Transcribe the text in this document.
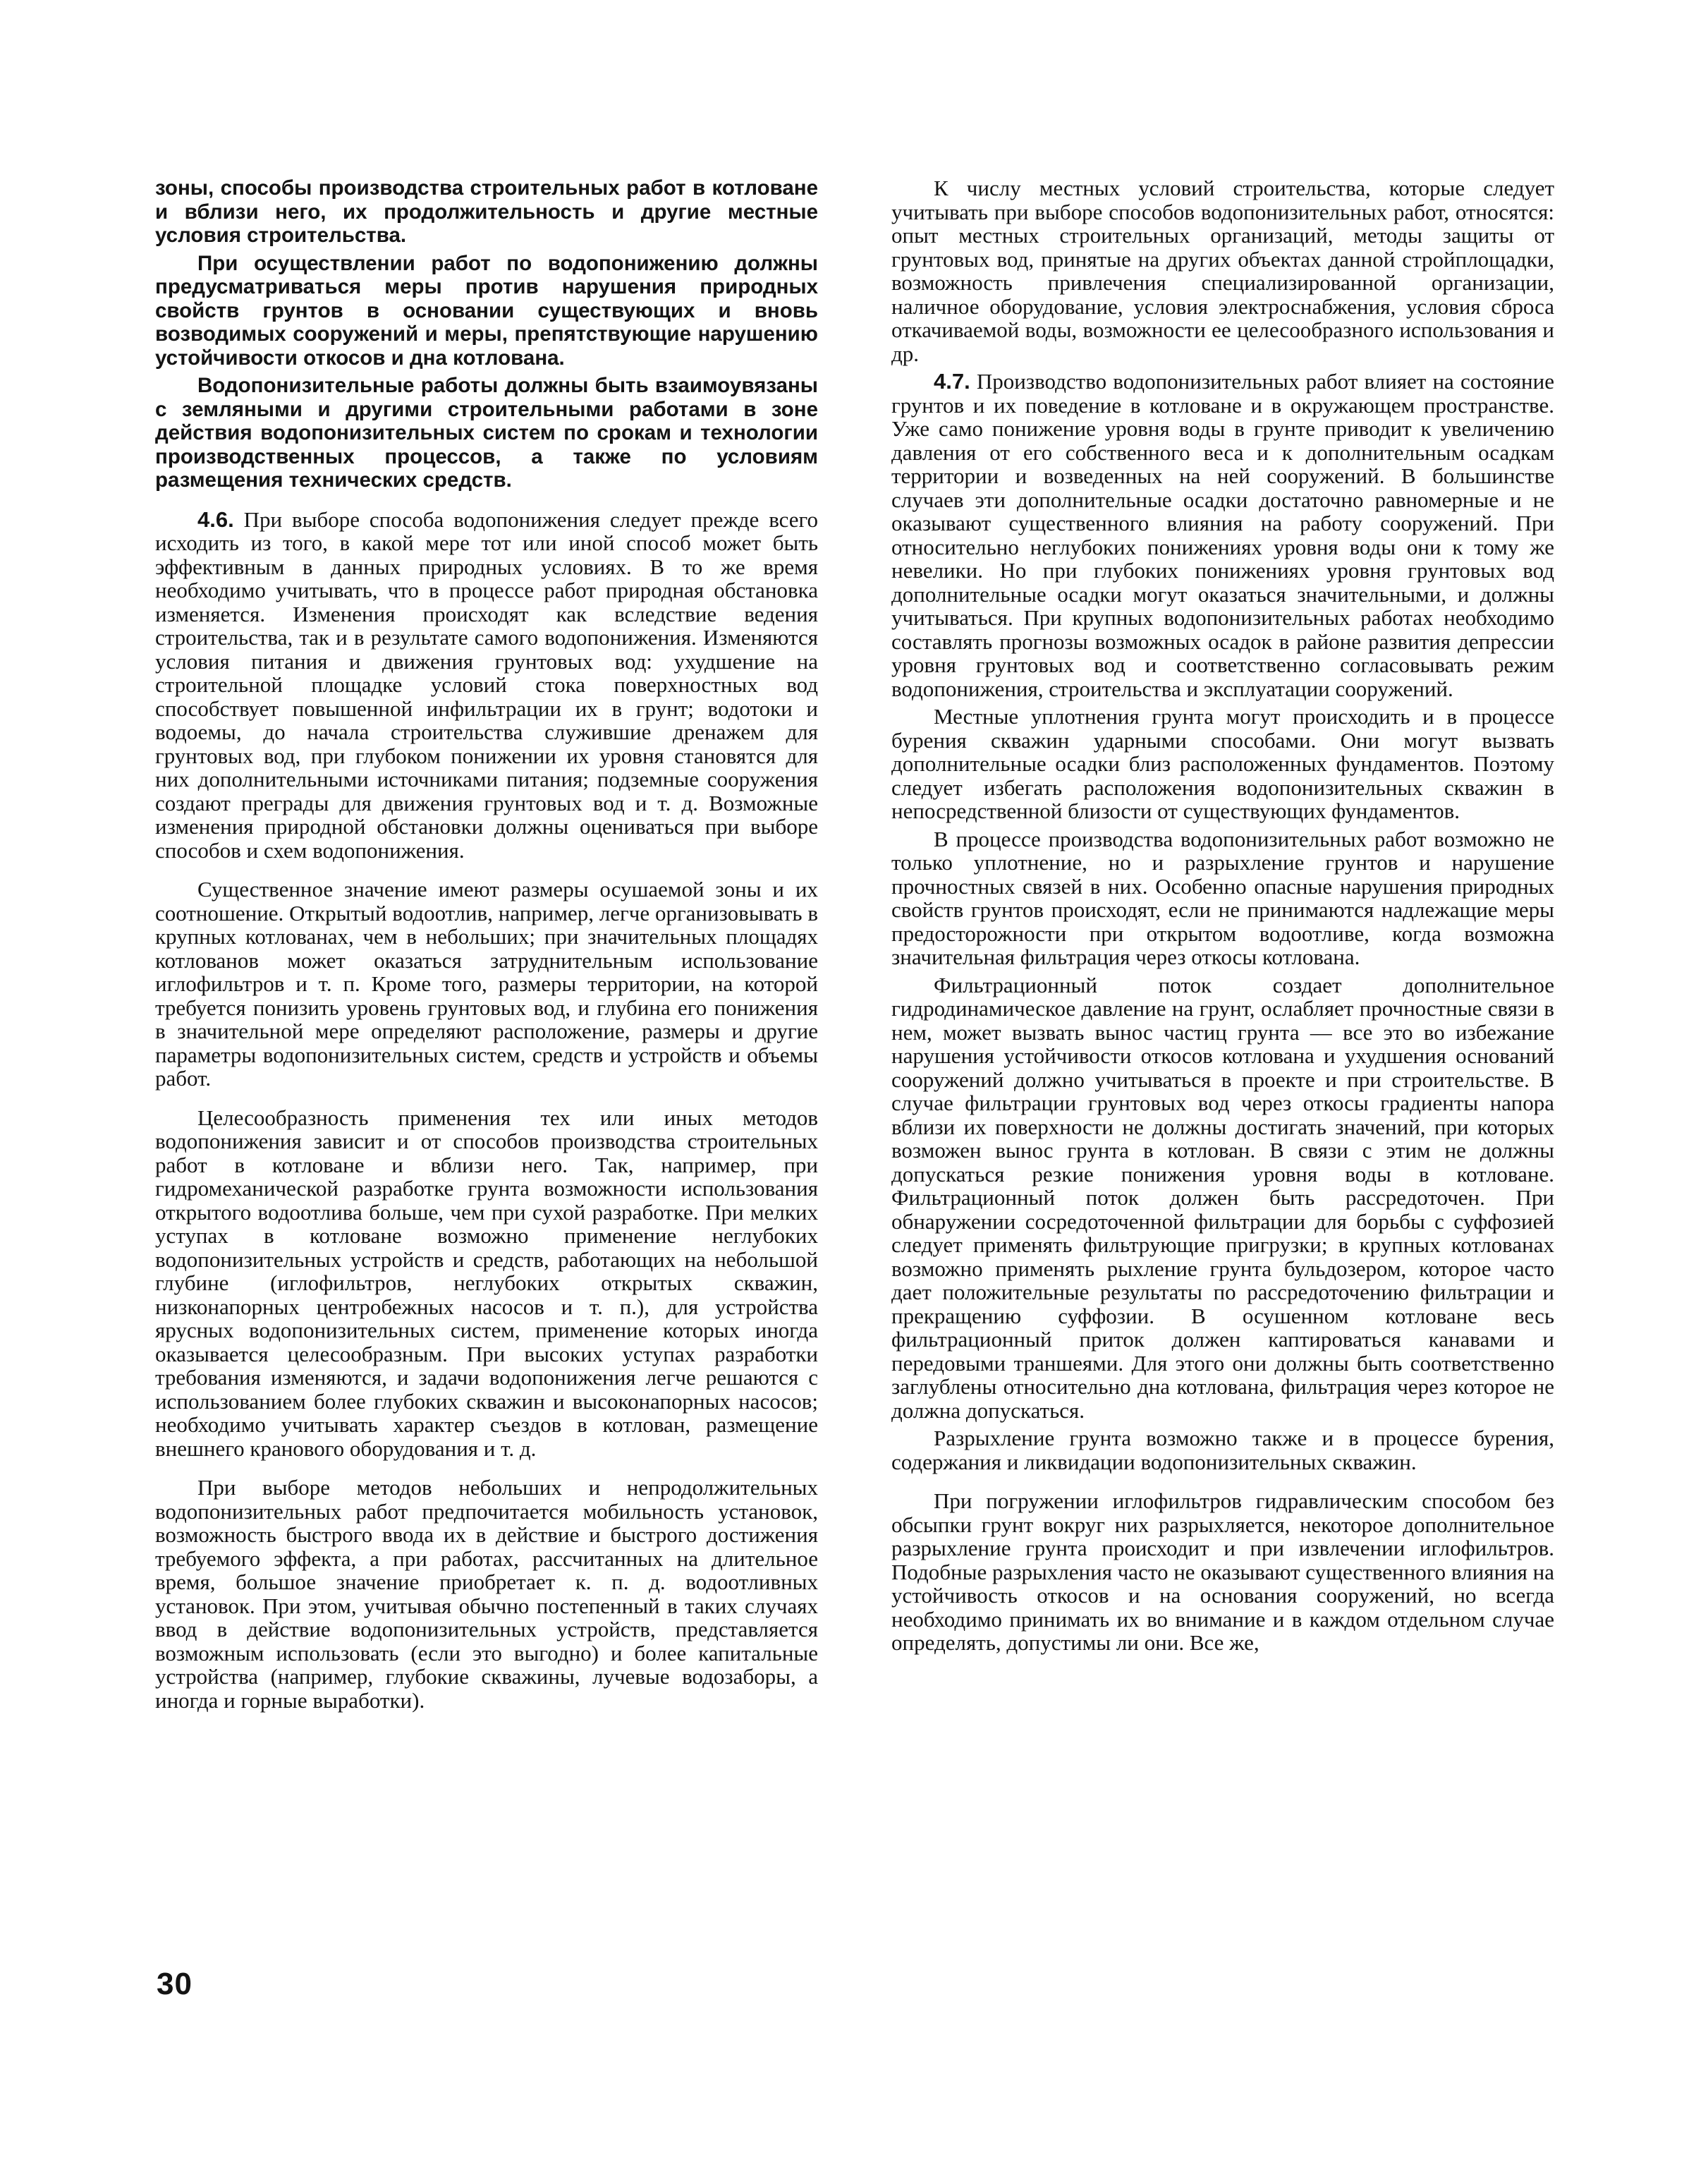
зоны, способы производства строительных работ в котловане и вблизи него, их продолжительность и другие местные условия строительства.

При осуществлении работ по водопонижению должны предусматриваться меры против нарушения природных свойств грунтов в основании существующих и вновь возводимых сооружений и меры, препятствующие нарушению устойчивости откосов и дна котлована.

Водопонизительные работы должны быть взаимоувязаны с земляными и другими строительными работами в зоне действия водопонизительных систем по срокам и технологии производственных процессов, а также по условиям размещения технических средств.

4.6. При выборе способа водопонижения следует прежде всего исходить из того, в какой мере тот или иной способ может быть эффективным в данных природных условиях. В то же время необходимо учитывать, что в процессе работ природная обстановка изменяется. Изменения происходят как вследствие ведения строительства, так и в результате самого водопонижения. Изменяются условия питания и движения грунтовых вод: ухудшение на строительной площадке условий стока поверхностных вод способствует повышенной инфильтрации их в грунт; водотоки и водоемы, до начала строительства служившие дренажем для грунтовых вод, при глубоком понижении их уровня становятся для них дополнительными источниками питания; подземные сооружения создают преграды для движения грунтовых вод и т. д. Возможные изменения природной обстановки должны оцениваться при выборе способов и схем водопонижения.

Существенное значение имеют размеры осушаемой зоны и их соотношение. Открытый водоотлив, например, легче организовывать в крупных котлованах, чем в небольших; при значительных площадях котлованов может оказаться затруднительным использование иглофильтров и т. п. Кроме того, размеры территории, на которой требуется понизить уровень грунтовых вод, и глубина его понижения в значительной мере определяют расположение, размеры и другие параметры водопонизительных систем, средств и устройств и объемы работ.

Целесообразность применения тех или иных методов водопонижения зависит и от способов производства строительных работ в котловане и вблизи него. Так, например, при гидромеханической разработке грунта возможности использования открытого водоотлива больше, чем при сухой разработке. При мелких уступах в котловане возможно применение неглубоких водопонизительных устройств и средств, работающих на небольшой глубине (иглофильтров, неглубоких открытых скважин, низконапорных центробежных насосов и т. п.), для устройства ярусных водопонизительных систем, применение которых иногда оказывается целесообразным. При высоких уступах разработки требования изменяются, и задачи водопонижения легче решаются с использованием более глубоких скважин и высоконапорных насосов; необходимо учитывать характер съездов в котлован, размещение внешнего кранового оборудования и т. д.

При выборе методов небольших и непродолжительных водопонизительных работ предпочитается мобильность установок, возможность быстрого ввода их в действие и быстрого достижения требуемого эффекта, а при работах, рассчитанных на длительное время, большое значение приобретает к. п. д. водоотливных установок. При этом, учитывая обычно постепенный в таких случаях ввод в действие водопонизительных устройств, представляется возможным использовать (если это выгодно) и более капитальные устройства (например, глубокие скважины, лучевые водозаборы, а иногда и горные выработки).

К числу местных условий строительства, которые следует учитывать при выборе способов водопонизительных работ, относятся: опыт местных строительных организаций, методы защиты от грунтовых вод, принятые на других объектах данной стройплощадки, возможность привлечения специализированной организации, наличное оборудование, условия электроснабжения, условия сброса откачиваемой воды, возможности ее целесообразного использования и др.

4.7. Производство водопонизительных работ влияет на состояние грунтов и их поведение в котловане и в окружающем пространстве. Уже само понижение уровня воды в грунте приводит к увеличению давления от его собственного веса и к дополнительным осадкам территории и возведенных на ней сооружений. В большинстве случаев эти дополнительные осадки достаточно равномерные и не оказывают существенного влияния на работу сооружений. При относительно неглубоких понижениях уровня воды они к тому же невелики. Но при глубоких понижениях уровня грунтовых вод дополнительные осадки могут оказаться значительными, и должны учитываться. При крупных водопонизительных работах необходимо составлять прогнозы возможных осадок в районе развития депрессии уровня грунтовых вод и соответственно согласовывать режим водопонижения, строительства и эксплуатации сооружений.

Местные уплотнения грунта могут происходить и в процессе бурения скважин ударными способами. Они могут вызвать дополнительные осадки близ расположенных фундаментов. Поэтому следует избегать расположения водопонизительных скважин в непосредственной близости от существующих фундаментов.

В процессе производства водопонизительных работ возможно не только уплотнение, но и разрыхление грунтов и нарушение прочностных связей в них. Особенно опасные нарушения природных свойств грунтов происходят, если не принимаются надлежащие меры предосторожности при открытом водоотливе, когда возможна значительная фильтрация через откосы котлована.

Фильтрационный поток создает дополнительное гидродинамическое давление на грунт, ослабляет прочностные связи в нем, может вызвать вынос частиц грунта — все это во избежание нарушения устойчивости откосов котлована и ухудшения оснований сооружений должно учитываться в проекте и при строительстве. В случае фильтрации грунтовых вод через откосы градиенты напора вблизи их поверхности не должны достигать значений, при которых возможен вынос грунта в котлован. В связи с этим не должны допускаться резкие понижения уровня воды в котловане. Фильтрационный поток должен быть рассредоточен. При обнаружении сосредоточенной фильтрации для борьбы с суффозией следует применять фильтрующие пригрузки; в крупных котлованах возможно применять рыхление грунта бульдозером, которое часто дает положительные результаты по рассредоточению фильтрации и прекращению суффозии. В осушенном котловане весь фильтрационный приток должен каптироваться канавами и передовыми траншеями. Для этого они должны быть соответственно заглублены относительно дна котлована, фильтрация через которое не должна допускаться.

Разрыхление грунта возможно также и в процессе бурения, содержания и ликвидации водопонизительных скважин.

При погружении иглофильтров гидравлическим способом без обсыпки грунт вокруг них разрыхляется, некоторое дополнительное разрыхление грунта происходит и при извлечении иглофильтров. Подобные разрыхления часто не оказывают существенного влияния на устойчивость откосов и на основания сооружений, но всегда необходимо принимать их во внимание и в каждом отдельном случае определять, допустимы ли они. Все же,

30
